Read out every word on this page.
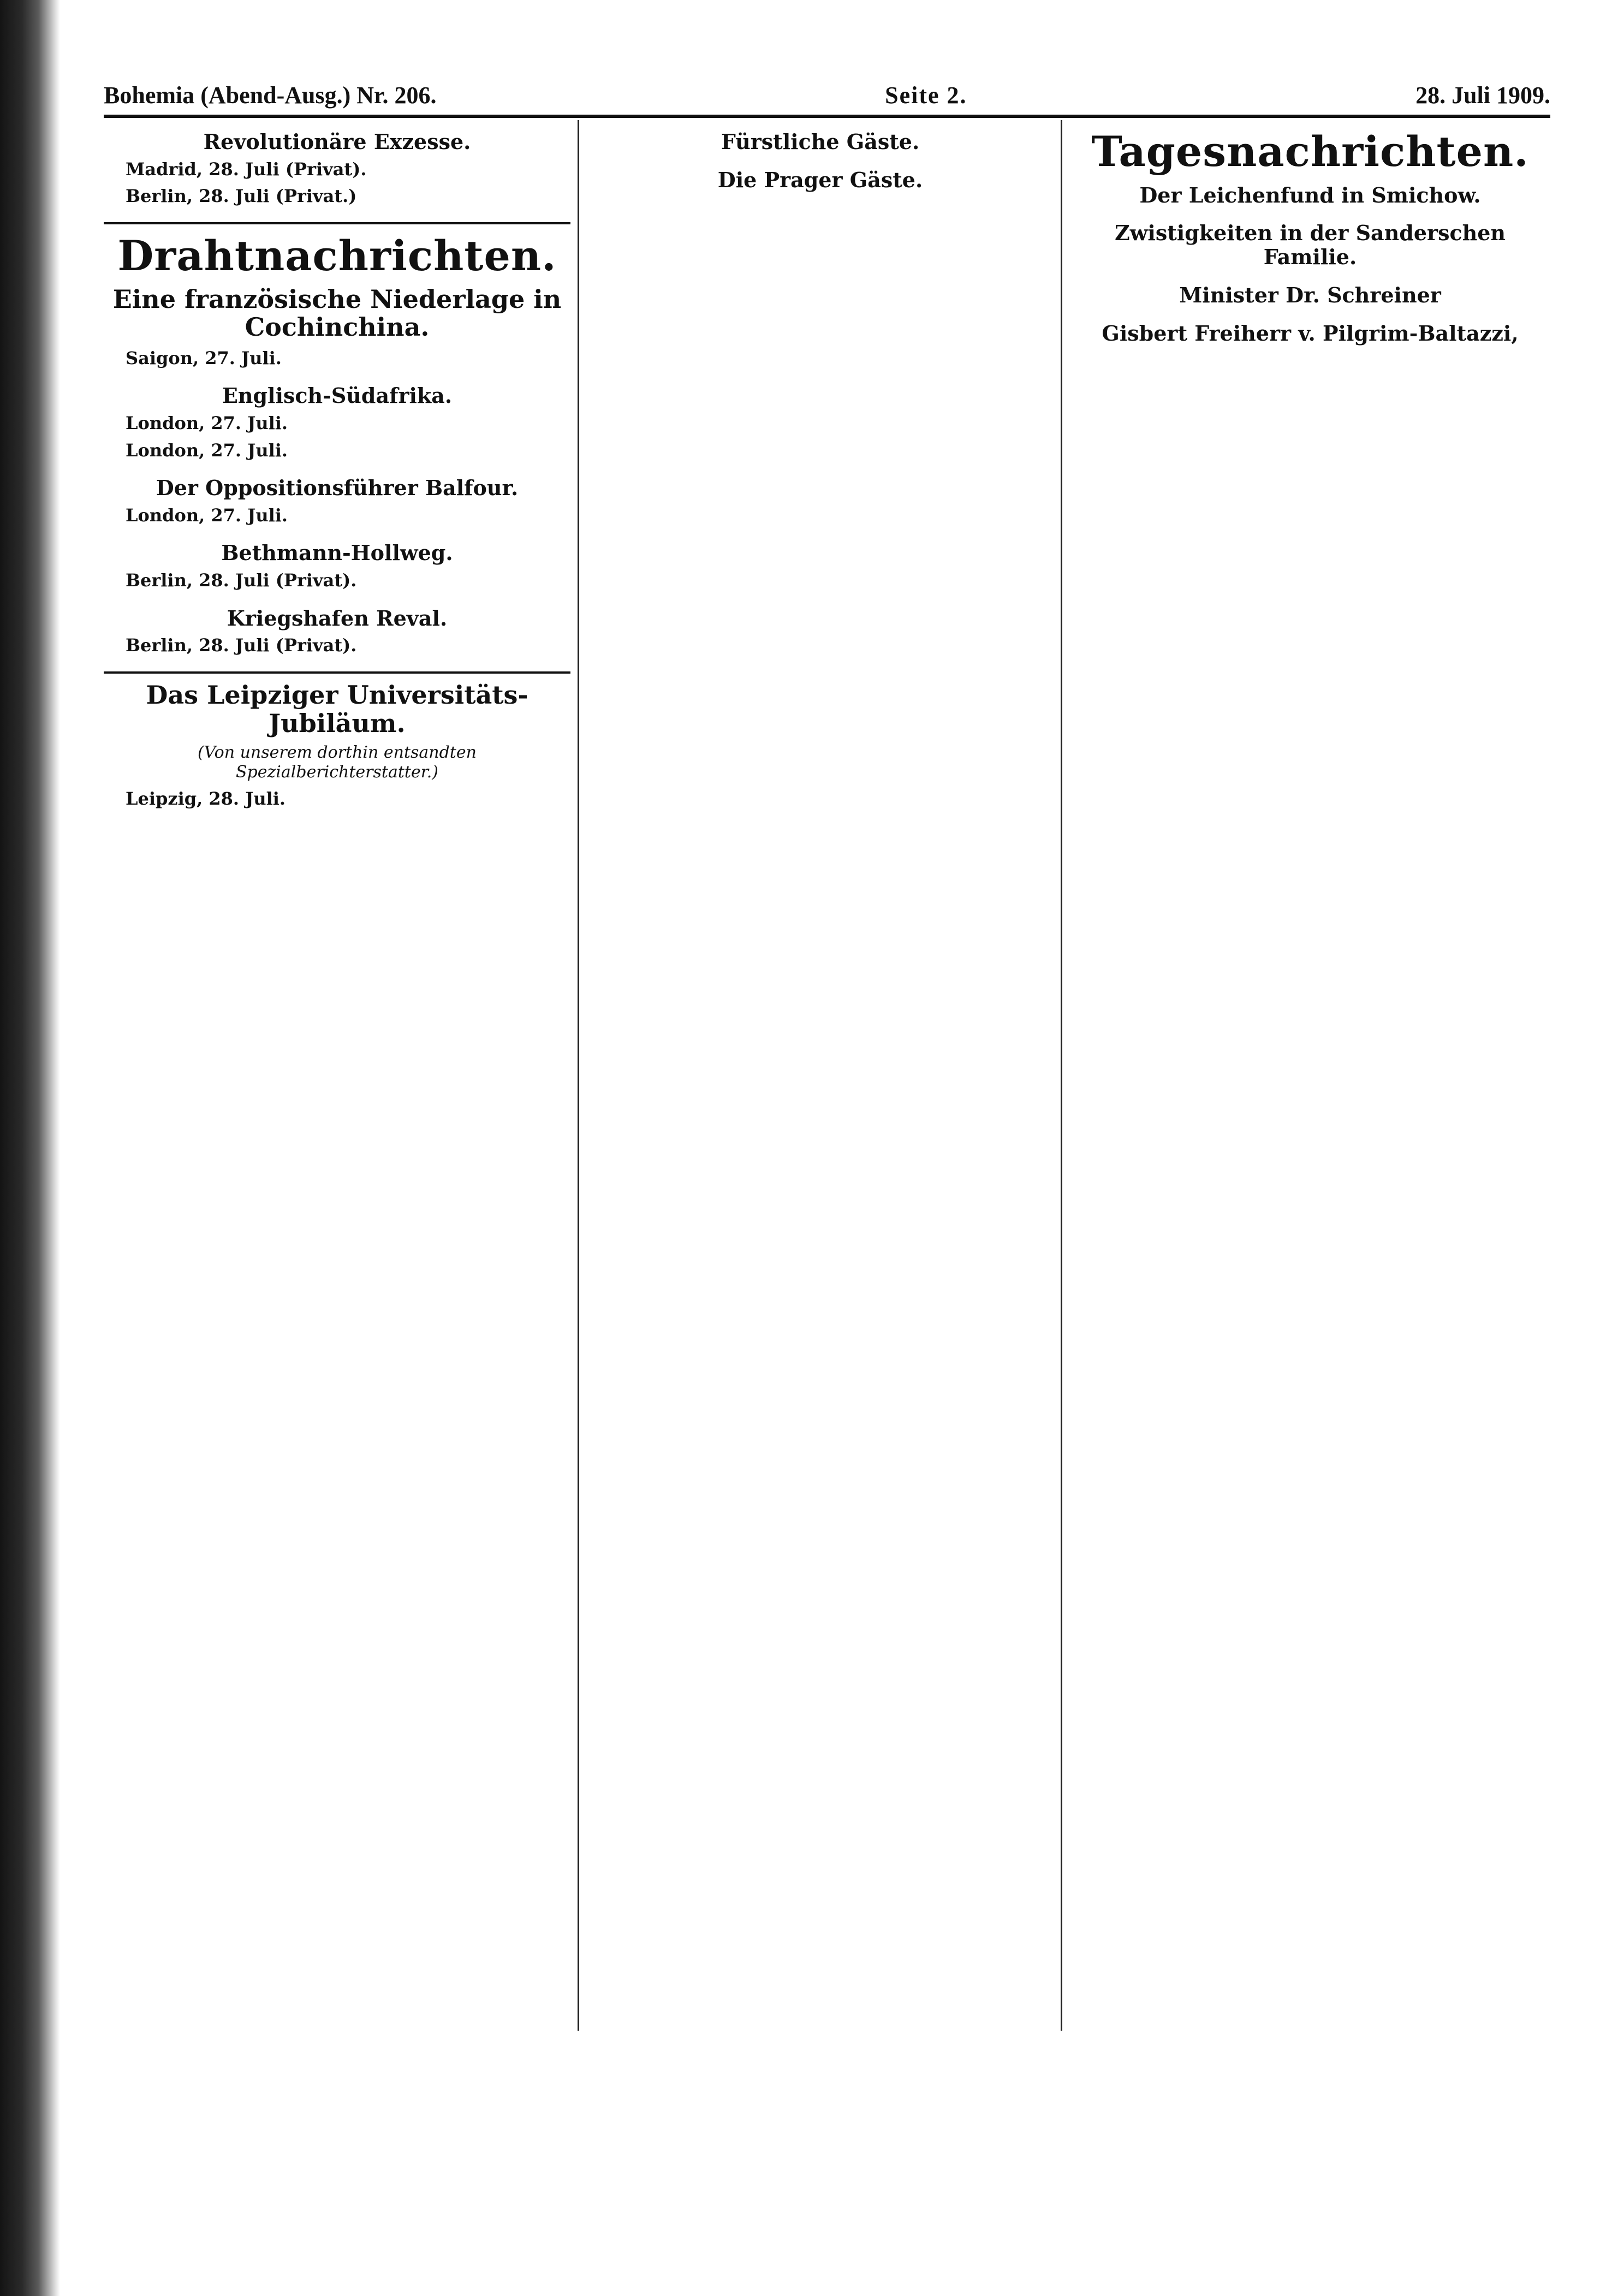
Bohemia (Abend-Ausg.) Nr. 206.	Seite 2.	28. Juli 1909.
Revolutionäre Exzesse.
Madrid, 28. Juli (Privat).
Berlin, 28. Juli (Privat.)
Drahtnachrichten.
Eine französische Niederlage in Cochinchina.
Saigon, 27. Juli.
Englisch-Südafrika.
London, 27. Juli.
London, 27. Juli.
Der Oppositionsführer Balfour.
London, 27. Juli.
Bethmann-Hollweg.
Berlin, 28. Juli (Privat).
Kriegshafen Reval.
Berlin, 28. Juli (Privat).
Das Leipziger Universitäts-Jubiläum.
(Von unserem dorthin entsandten Spezialberichterstatter.)
Leipzig, 28. Juli.
Fürstliche Gäste.
Die Prager Gäste.
Tagesnachrichten.
Der Leichenfund in Smichow.
Zwistigkeiten in der Sanderschen Familie.
Minister Dr. Schreiner
Gisbert Freiherr v. Pilgrim-Baltazzi,
